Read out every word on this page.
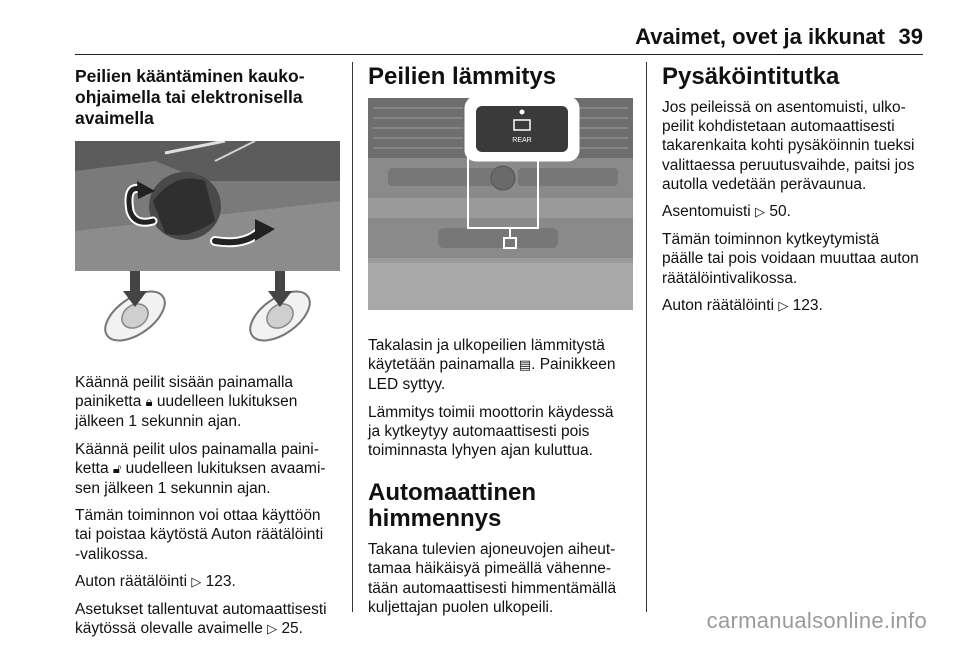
Avaimet, ovet ja ikkunat 39
Peilien kääntäminen kauko-
ohjaimella tai elektronisella
avaimella

Käännä peilit sisään painamalla
painiketta 🔒︎ uudelleen lukituksen
jälkeen 1 sekunnin ajan.

Käännä peilit ulos painamalla paini-
ketta 🔓︎ uudelleen lukituksen avaami-
sen jälkeen 1 sekunnin ajan.

Tämän toiminnon voi ottaa käyttöön
tai poistaa käytöstä Auton räätälöinti
-valikossa.

Auton räätälöinti ▷ 123.

Asetukset tallentuvat automaattisesti
käytössä olevalle avaimelle ▷ 25.

Peilien lämmitys
REAR

Takalasin ja ulkopeilien lämmitystä
käytetään painamalla ▤. Painikkeen
LED syttyy.

Lämmitys toimii moottorin käydessä
ja kytkeytyy automaattisesti pois
toiminnasta lyhyen ajan kuluttua.

Automaattinen himmennys

Takana tulevien ajoneuvojen aiheut-
tamaa häikäisyä pimeällä vähenne-
tään automaattisesti himmentämällä
kuljettajan puolen ulkopeili.

Pysäköintitutka

Jos peileissä on asentomuisti, ulko-
peilit kohdistetaan automaattisesti
takarenkaita kohti pysäköinnin tueksi
valittaessa peruutusvaihde, paitsi jos
autolla vedetään perävaunua.

Asentomuisti ▷ 50.

Tämän toiminnon kytkeytymistä
päälle tai pois voidaan muuttaa auton
räätälöintivalikossa.

Auton räätälöinti ▷ 123.

carmanualsonline.info
